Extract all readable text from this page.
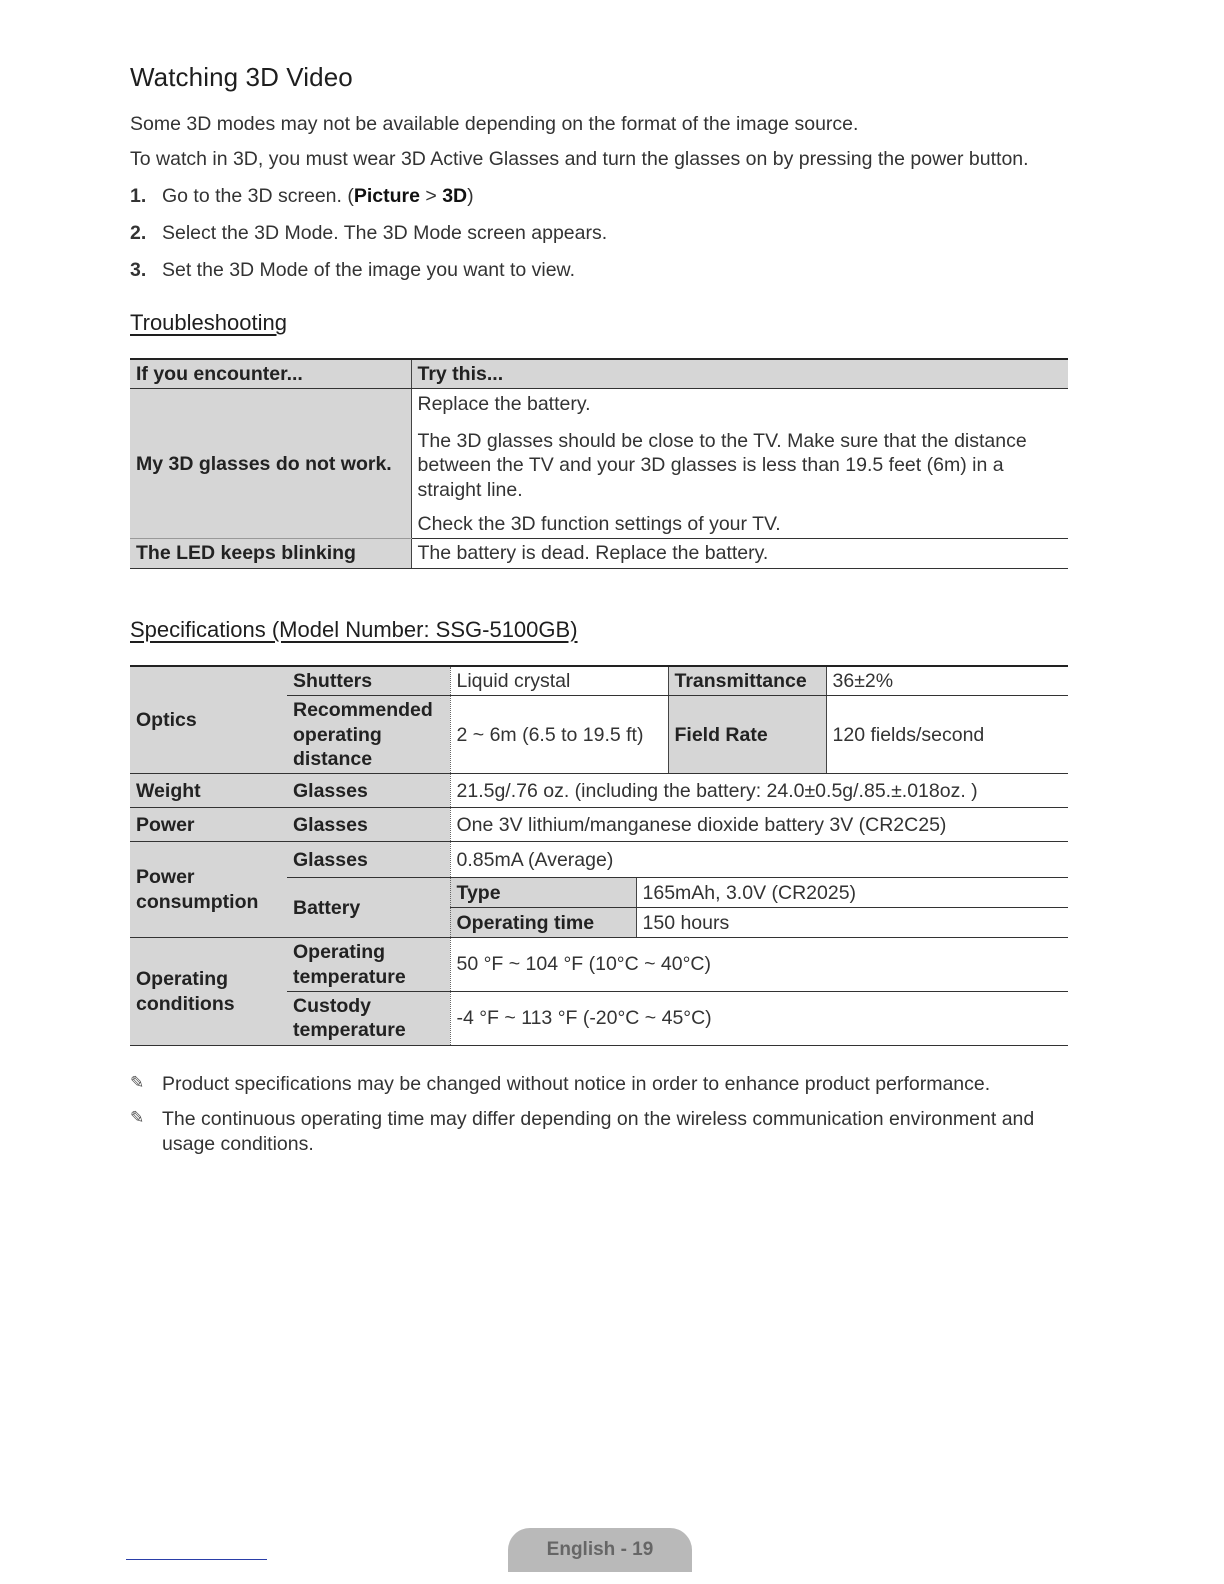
Watching 3D Video

Some 3D modes may not be available depending on the format of the image source.

To watch in 3D, you must wear 3D Active Glasses and turn the glasses on by pressing the power button.

1. Go to the 3D screen. (Picture > 3D)
2. Select the 3D Mode. The 3D Mode screen appears.
3. Set the 3D Mode of the image you want to view.
Troubleshooting
If you encounter...	Try this...
My 3D glasses do not work.	Replace the battery.
	The 3D glasses should be close to the TV. Make sure that the distance between the TV and your 3D glasses is less than 19.5 feet (6m) in a straight line.
	Check the 3D function settings of your TV.
The LED keeps blinking	The battery is dead. Replace the battery.
Specifications (Model Number: SSG-5100GB)
Optics	Shutters	Liquid crystal		Transmittance	36±2%
	Recommended operating distance	2 ~ 6m (6.5 to 19.5 ft)		Field Rate	120 fields/second
Weight	Glasses	21.5g/.76 oz. (including the battery: 24.0±0.5g/.85.±.018oz. )			
Power	Glasses	One 3V lithium/manganese dioxide battery 3V (CR2C25)			
Power consumption	Glasses	0.85mA (Average)			
	Battery	Type	165mAh, 3.0V (CR2025)		
		Operating time	150 hours		
Operating conditions	Operating temperature	50 °F ~ 104 °F (10°C ~ 40°C)			
	Custody temperature	-4 °F ~ 113 °F (-20°C ~ 45°C)			
✎ Product specifications may be changed without notice in order to enhance product performance.
✎ The continuous operating time may differ depending on the wireless communication environment and usage conditions.
English - 19
